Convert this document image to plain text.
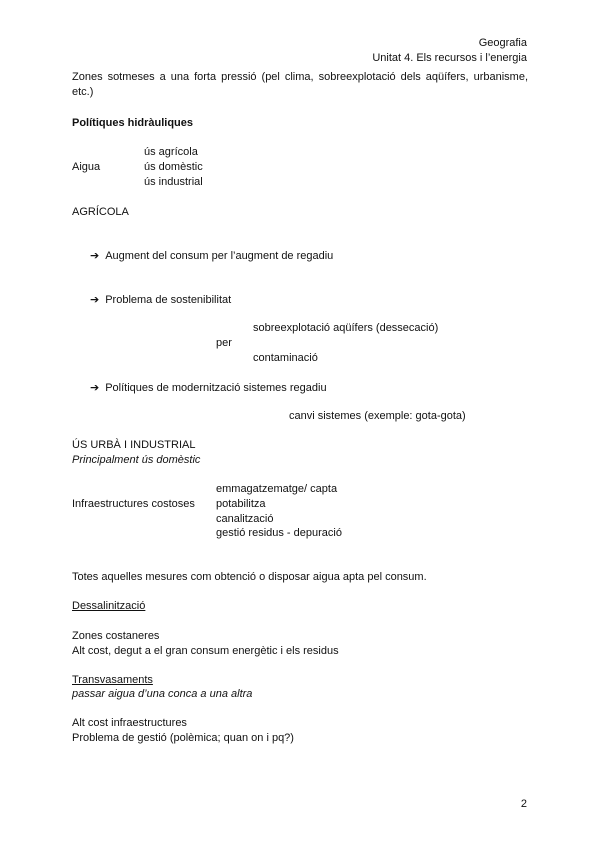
Geografia
Unitat 4. Els recursos i l’energia
Zones sotmeses a una forta pressió (pel clima, sobreexplotació dels aqüífers, urbanisme, etc.)
Polítiques hidràuliques
ús agrícola
Aigua	ús domèstic
ús industrial
AGRÍCOLA
➔ Augment del consum per l’augment de regadiu
➔ Problema de sostenibilitat
sobreexplotació aqüífers (dessecació)
per
contaminació
➔ Polítiques de modernització sistemes regadiu
canvi sistemes (exemple: gota-gota)
ÚS URBÀ I INDUSTRIAL
Principalment ús domèstic
emmagatzematge/ capta
Infraestructures costoses potabilitza
canalització
gestió residus - depuració
Totes aquelles mesures com obtenció o disposar aigua apta pel consum.
Dessalinització
Zones costaneres
Alt cost, degut a el gran consum energètic i els residus
Transvasaments
passar aigua d’una conca a una altra
Alt cost infraestructures
Problema de gestió (polèmica; quan on i pq?)
2
